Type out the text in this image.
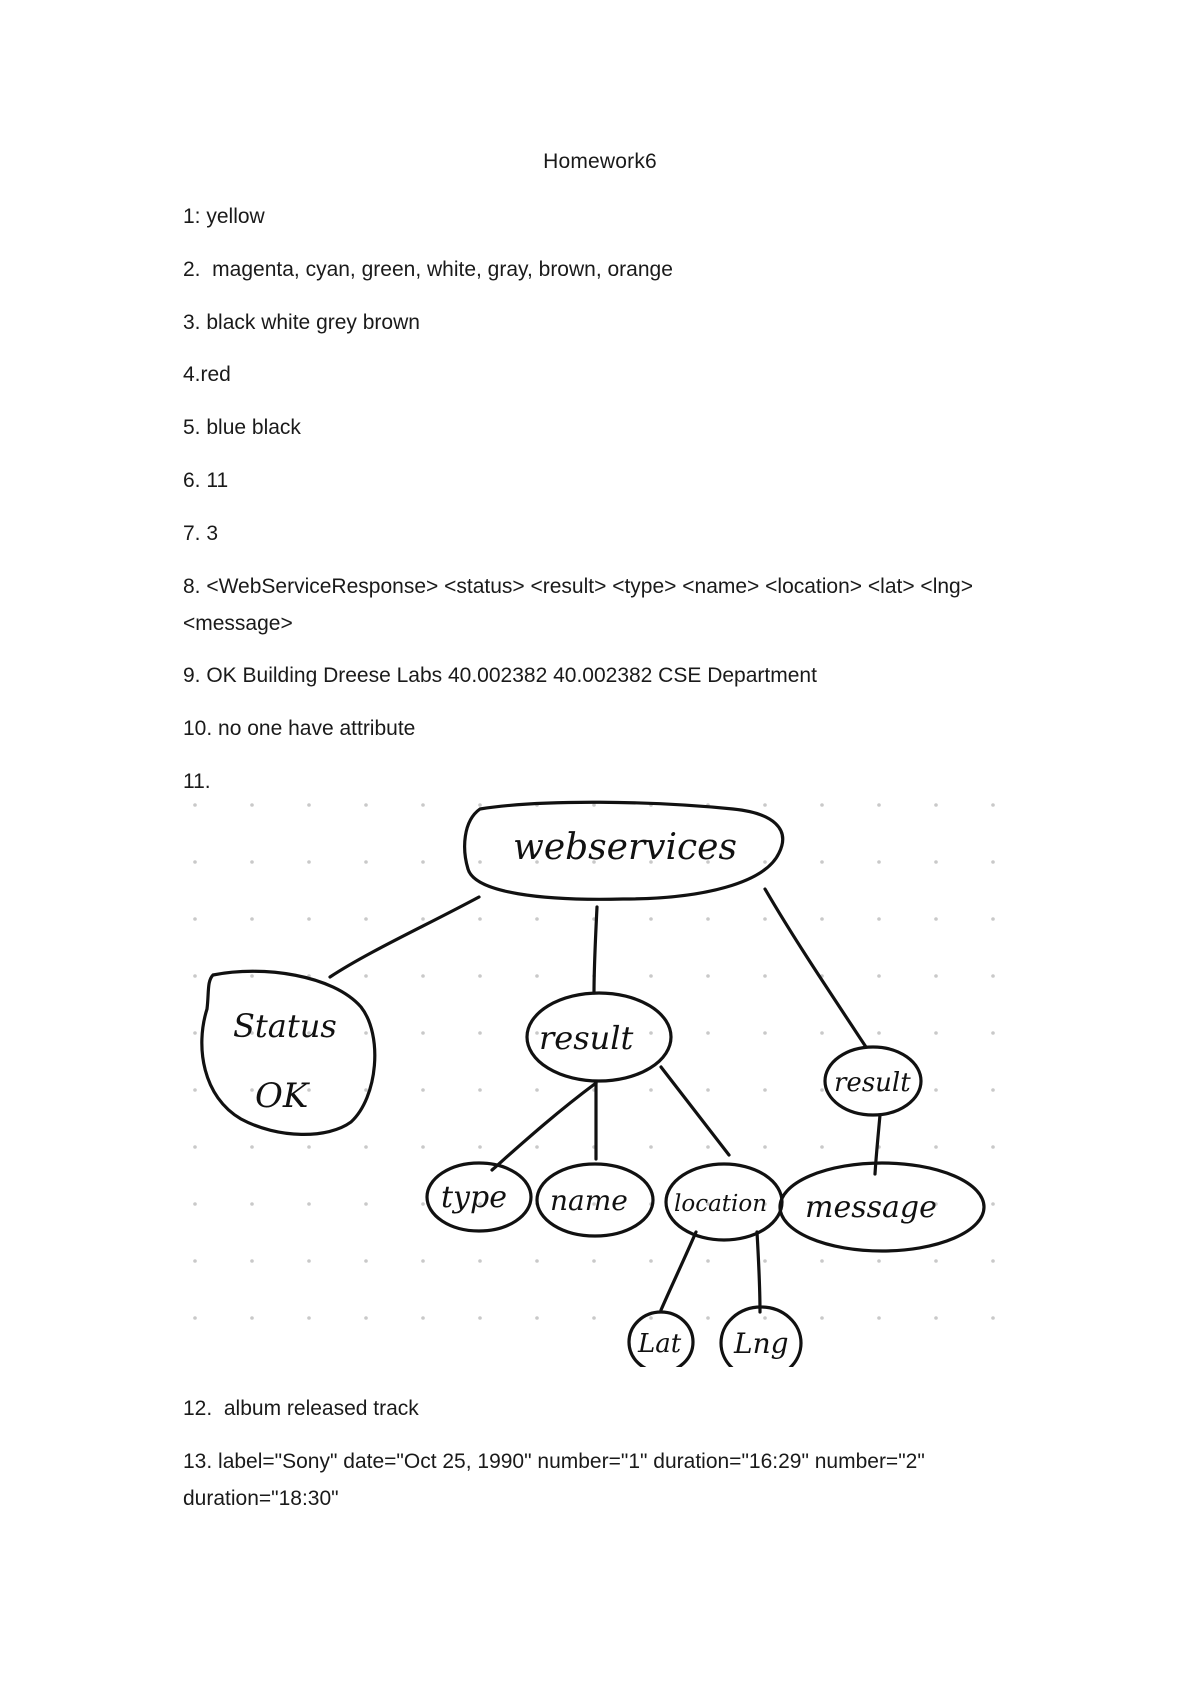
Homework6
1: yellow
2.  magenta, cyan, green, white, gray, brown, orange
3. black white grey brown
4.red
5. blue black
6. 11
7. 3
8. <WebServiceResponse> <status> <result> <type> <name> <location> <lat> <lng> <message>
9. OK Building Dreese Labs 40.002382 40.002382 CSE Department
10. no one have attribute
11.
webservices
Status
OK
result
result
type name location message
Lat Lng
12.  album released track
13. label="Sony" date="Oct 25, 1990" number="1" duration="16:29" number="2" duration="18:30"
